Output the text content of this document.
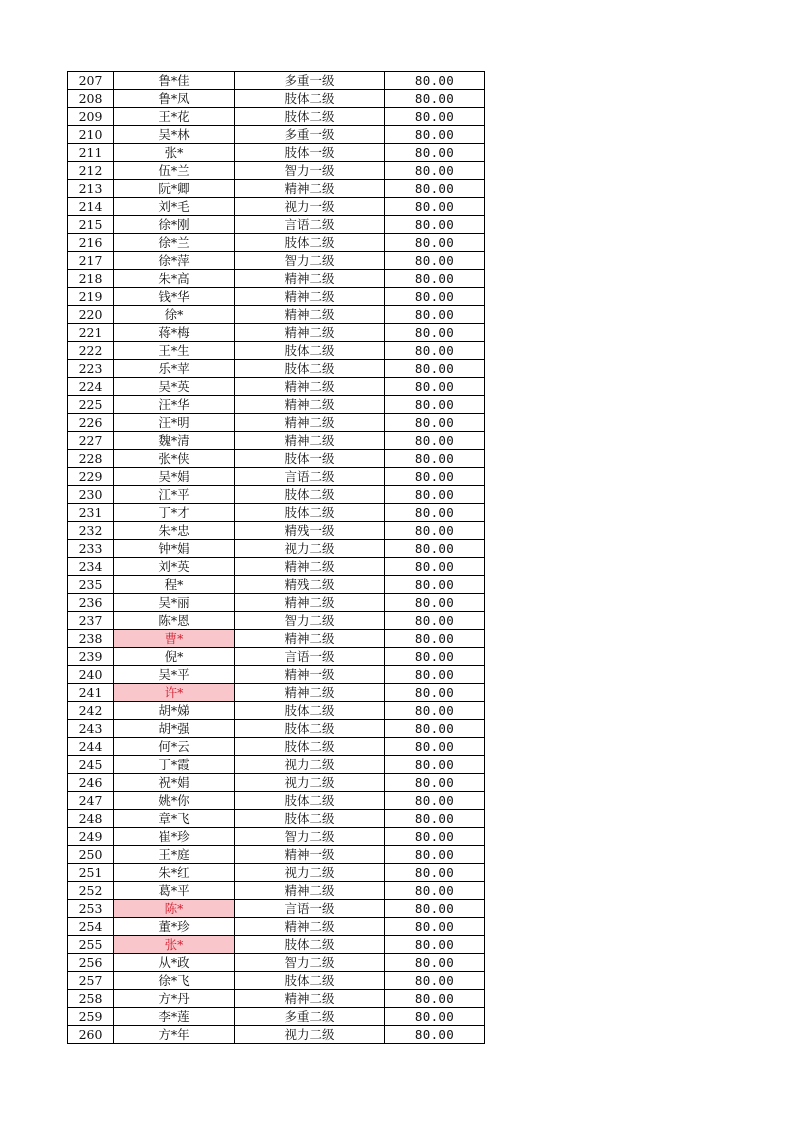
207	鲁*佳	多重一级	80.00
208	鲁*凤	肢体二级	80.00
209	王*花	肢体二级	80.00
210	吴*林	多重一级	80.00
211	张*	肢体一级	80.00
212	伍*兰	智力一级	80.00
213	阮*卿	精神二级	80.00
214	刘*毛	视力一级	80.00
215	徐*刚	言语二级	80.00
216	徐*兰	肢体二级	80.00
217	徐*萍	智力二级	80.00
218	朱*高	精神二级	80.00
219	钱*华	精神二级	80.00
220	徐*	精神二级	80.00
221	蒋*梅	精神二级	80.00
222	王*生	肢体二级	80.00
223	乐*苹	肢体二级	80.00
224	吴*英	精神二级	80.00
225	汪*华	精神二级	80.00
226	汪*明	精神二级	80.00
227	魏*清	精神二级	80.00
228	张*侠	肢体一级	80.00
229	吴*娟	言语二级	80.00
230	江*平	肢体二级	80.00
231	丁*才	肢体二级	80.00
232	朱*忠	精残一级	80.00
233	钟*娟	视力二级	80.00
234	刘*英	精神二级	80.00
235	程*	精残二级	80.00
236	吴*丽	精神二级	80.00
237	陈*恩	智力二级	80.00
238	曹*	精神二级	80.00
239	倪*	言语一级	80.00
240	吴*平	精神一级	80.00
241	许*	精神二级	80.00
242	胡*娣	肢体二级	80.00
243	胡*强	肢体二级	80.00
244	何*云	肢体二级	80.00
245	丁*霞	视力二级	80.00
246	祝*娟	视力二级	80.00
247	姚*你	肢体二级	80.00
248	章*飞	肢体二级	80.00
249	崔*珍	智力二级	80.00
250	王*庭	精神一级	80.00
251	朱*红	视力二级	80.00
252	葛*平	精神二级	80.00
253	陈*	言语一级	80.00
254	董*珍	精神二级	80.00
255	张*	肢体二级	80.00
256	从*政	智力二级	80.00
257	徐*飞	肢体二级	80.00
258	方*丹	精神二级	80.00
259	李*莲	多重二级	80.00
260	方*年	视力二级	80.00
